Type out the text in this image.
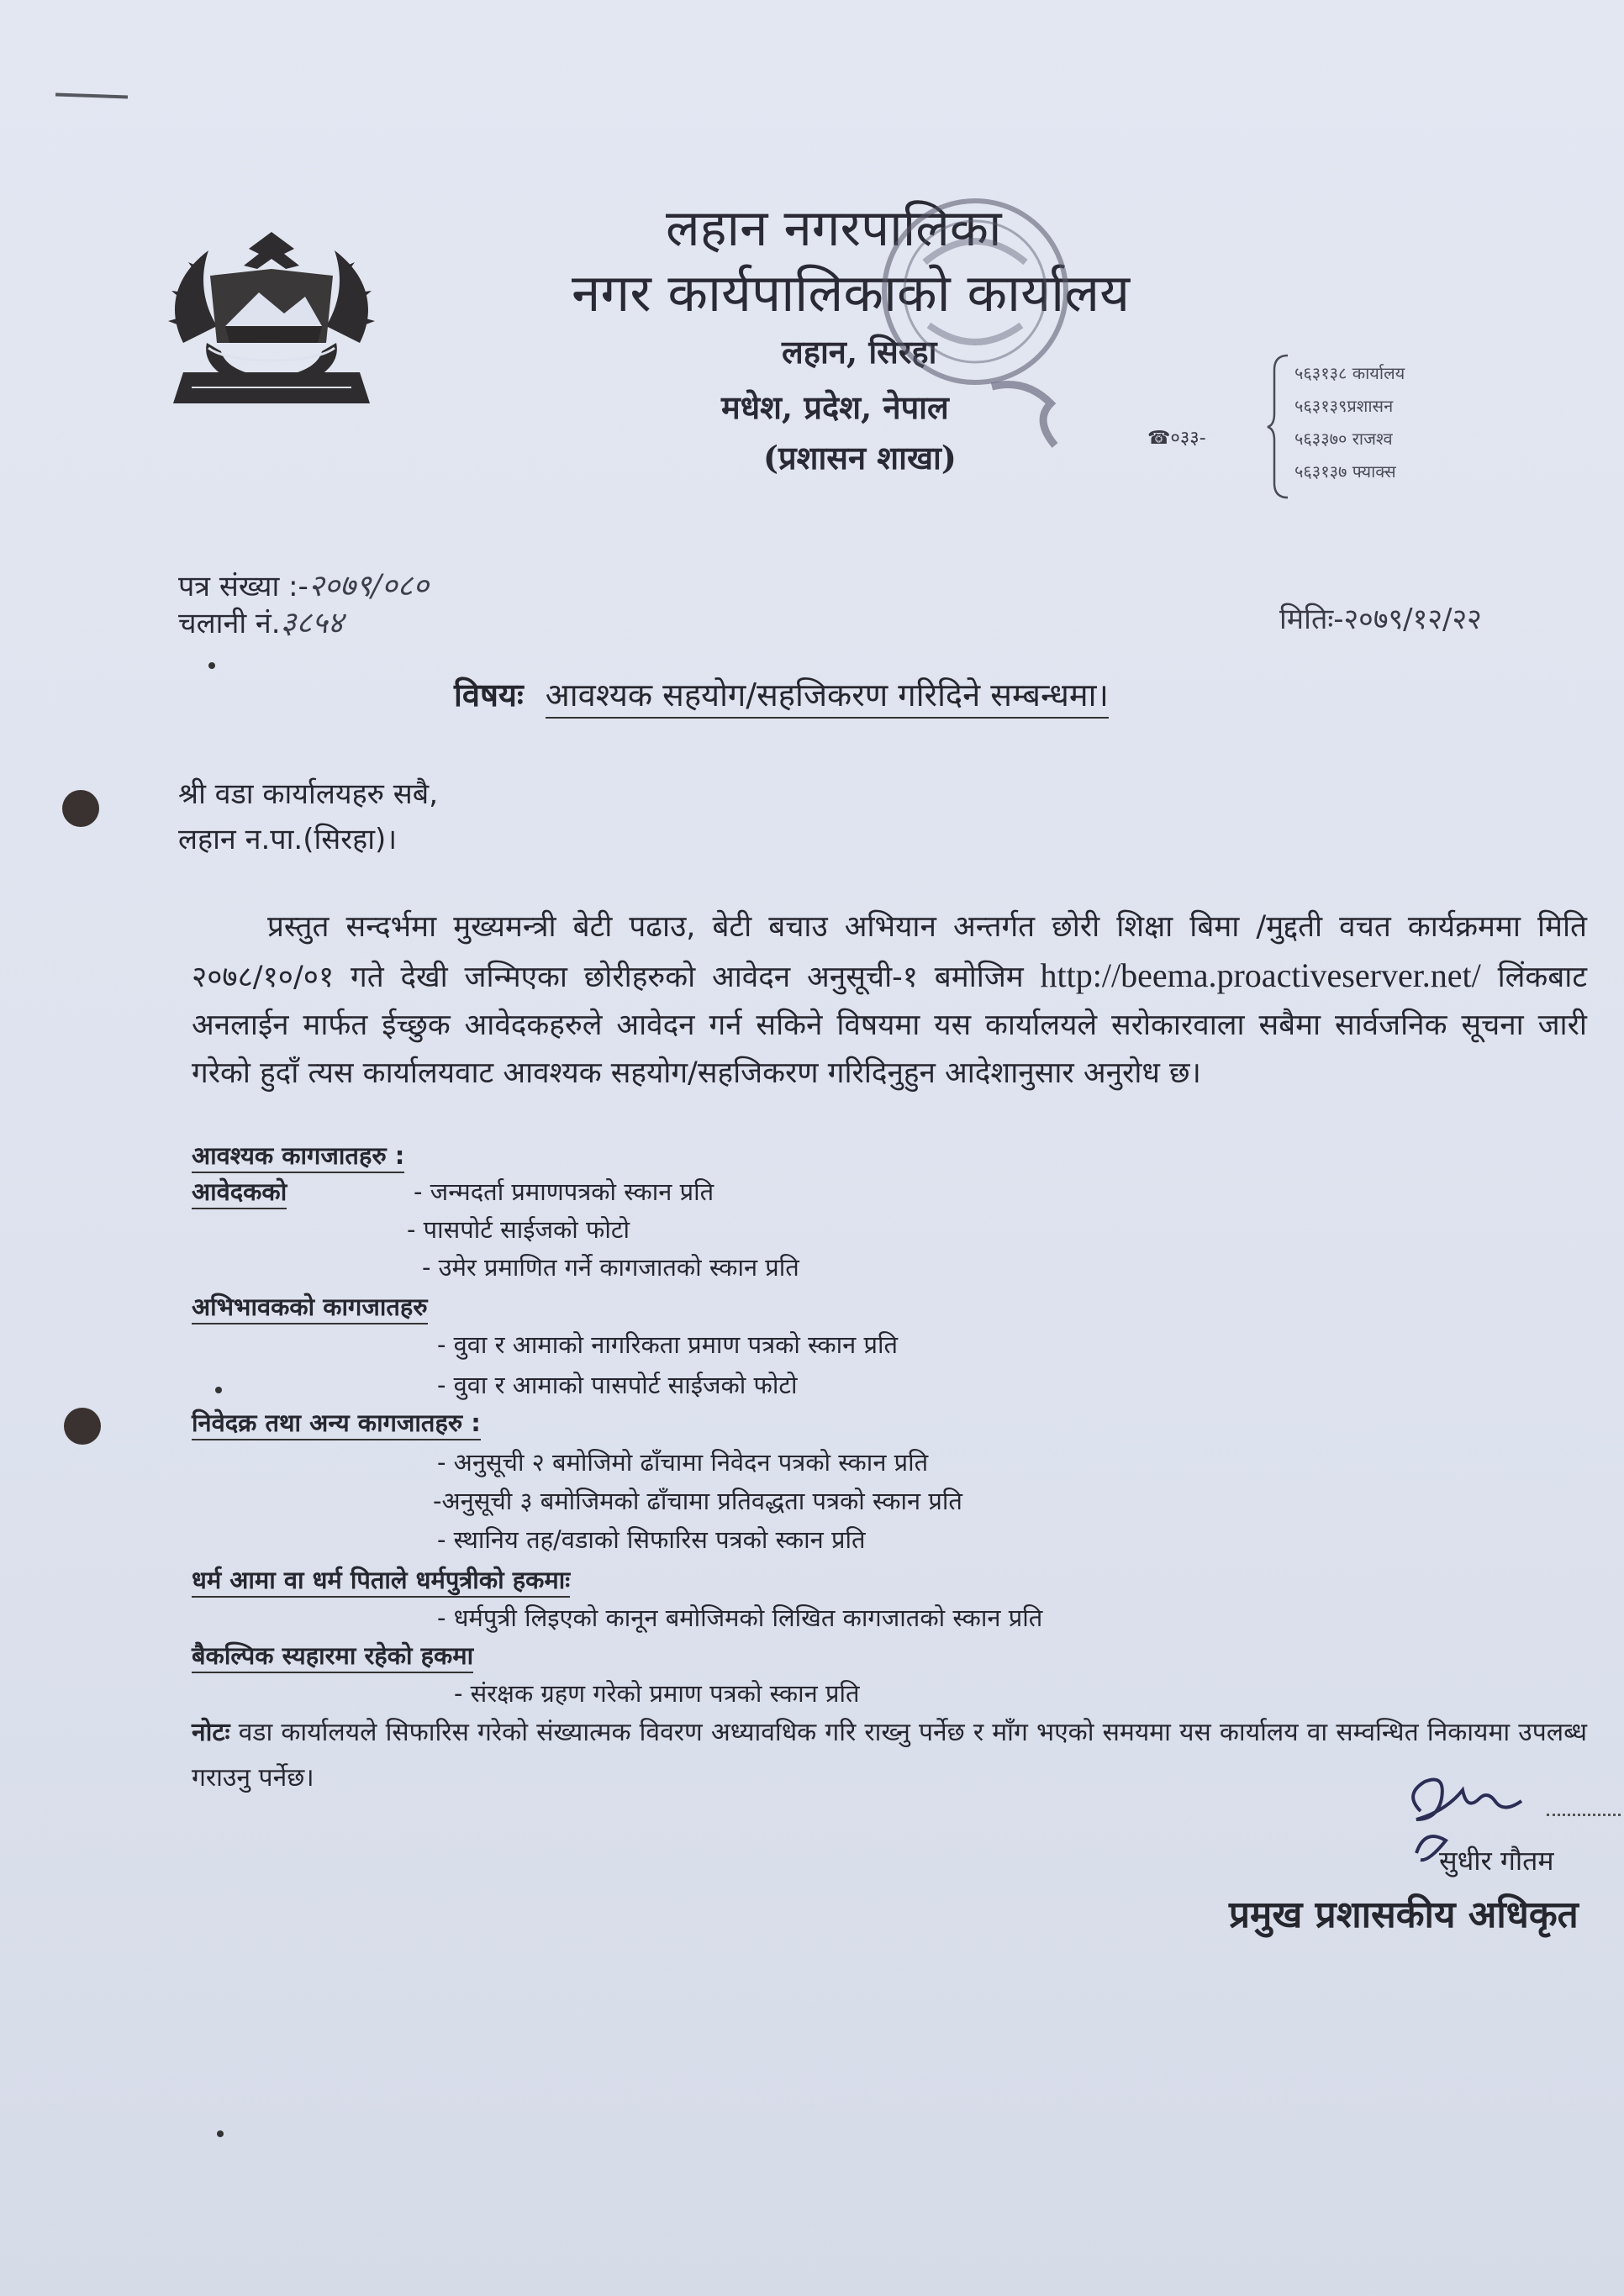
लहान नगरपालिका
नगर कार्यपालिकाको कार्यालय
लहान, सिरहा
मधेश, प्रदेश, नेपाल
(प्रशासन शाखा)
☎०३३-
५६३१३८ कार्यालय
५६३१३९प्रशासन
५६३३७० राजश्व
५६३१३७ फ्याक्स
पत्र संख्या :-२०७९/०८०
चलानी नं.३८५४	मितिः-२०७९/१२/२२
विषयः आवश्यक सहयोग/सहजिकरण गरिदिने सम्बन्धमा।
श्री वडा कार्यालयहरु सबै,
लहान न.पा.(सिरहा)।
प्रस्तुत सन्दर्भमा मुख्यमन्त्री बेटी पढाउ, बेटी बचाउ अभियान अन्तर्गत छोरी शिक्षा बिमा /मुद्दती वचत कार्यक्रममा मिति २०७८/१०/०१ गते देखी जन्मिएका छोरीहरुको आवेदन अनुसूची-१ बमोजिम http://beema.proactiveserver.net/ लिंकबाट अनलाईन मार्फत ईच्छुक आवेदकहरुले आवेदन गर्न सकिने विषयमा यस कार्यालयले सरोकारवाला सबैमा सार्वजनिक सूचना जारी गरेको हुदाँ त्यस कार्यालयवाट आवश्यक सहयोग/सहजिकरण गरिदिनुहुन आदेशानुसार अनुरोध छ।
आवश्यक कागजातहरु :
आवेदकको	- जन्मदर्ता प्रमाणपत्रको स्कान प्रति
- पासपोर्ट साईजको फोटो
- उमेर प्रमाणित गर्ने कागजातको स्कान प्रति
अभिभावकको कागजातहरु
- वुवा र आमाको नागरिकता प्रमाण पत्रको स्कान प्रति
- वुवा र आमाको पासपोर्ट साईजको फोटो
निवेदक्र तथा अन्य कागजातहरु :
- अनुसूची २ बमोजिमो ढाँचामा निवेदन पत्रको स्कान प्रति
-अनुसूची ३ बमोजिमको ढाँचामा प्रतिवद्धता पत्रको स्कान प्रति
- स्थानिय तह/वडाको सिफारिस पत्रको स्कान प्रति
धर्म आमा वा धर्म पिताले धर्मपुत्रीको हकमाः
- धर्मपुत्री लिइएको कानून बमोजिमको लिखित कागजातको स्कान प्रति
बैकल्पिक स्यहारमा रहेको हकमा
- संरक्षक ग्रहण गरेको प्रमाण पत्रको स्कान प्रति
नोटः वडा कार्यालयले सिफारिस गरेको संख्यात्मक विवरण अध्यावधिक गरि राख्नु पर्नेछ र माँग भएको समयमा यस कार्यालय वा सम्वन्धित निकायमा उपलब्ध गराउनु पर्नेछ।
सुधीर गौतम
प्रमुख प्रशासकीय अधिकृत
